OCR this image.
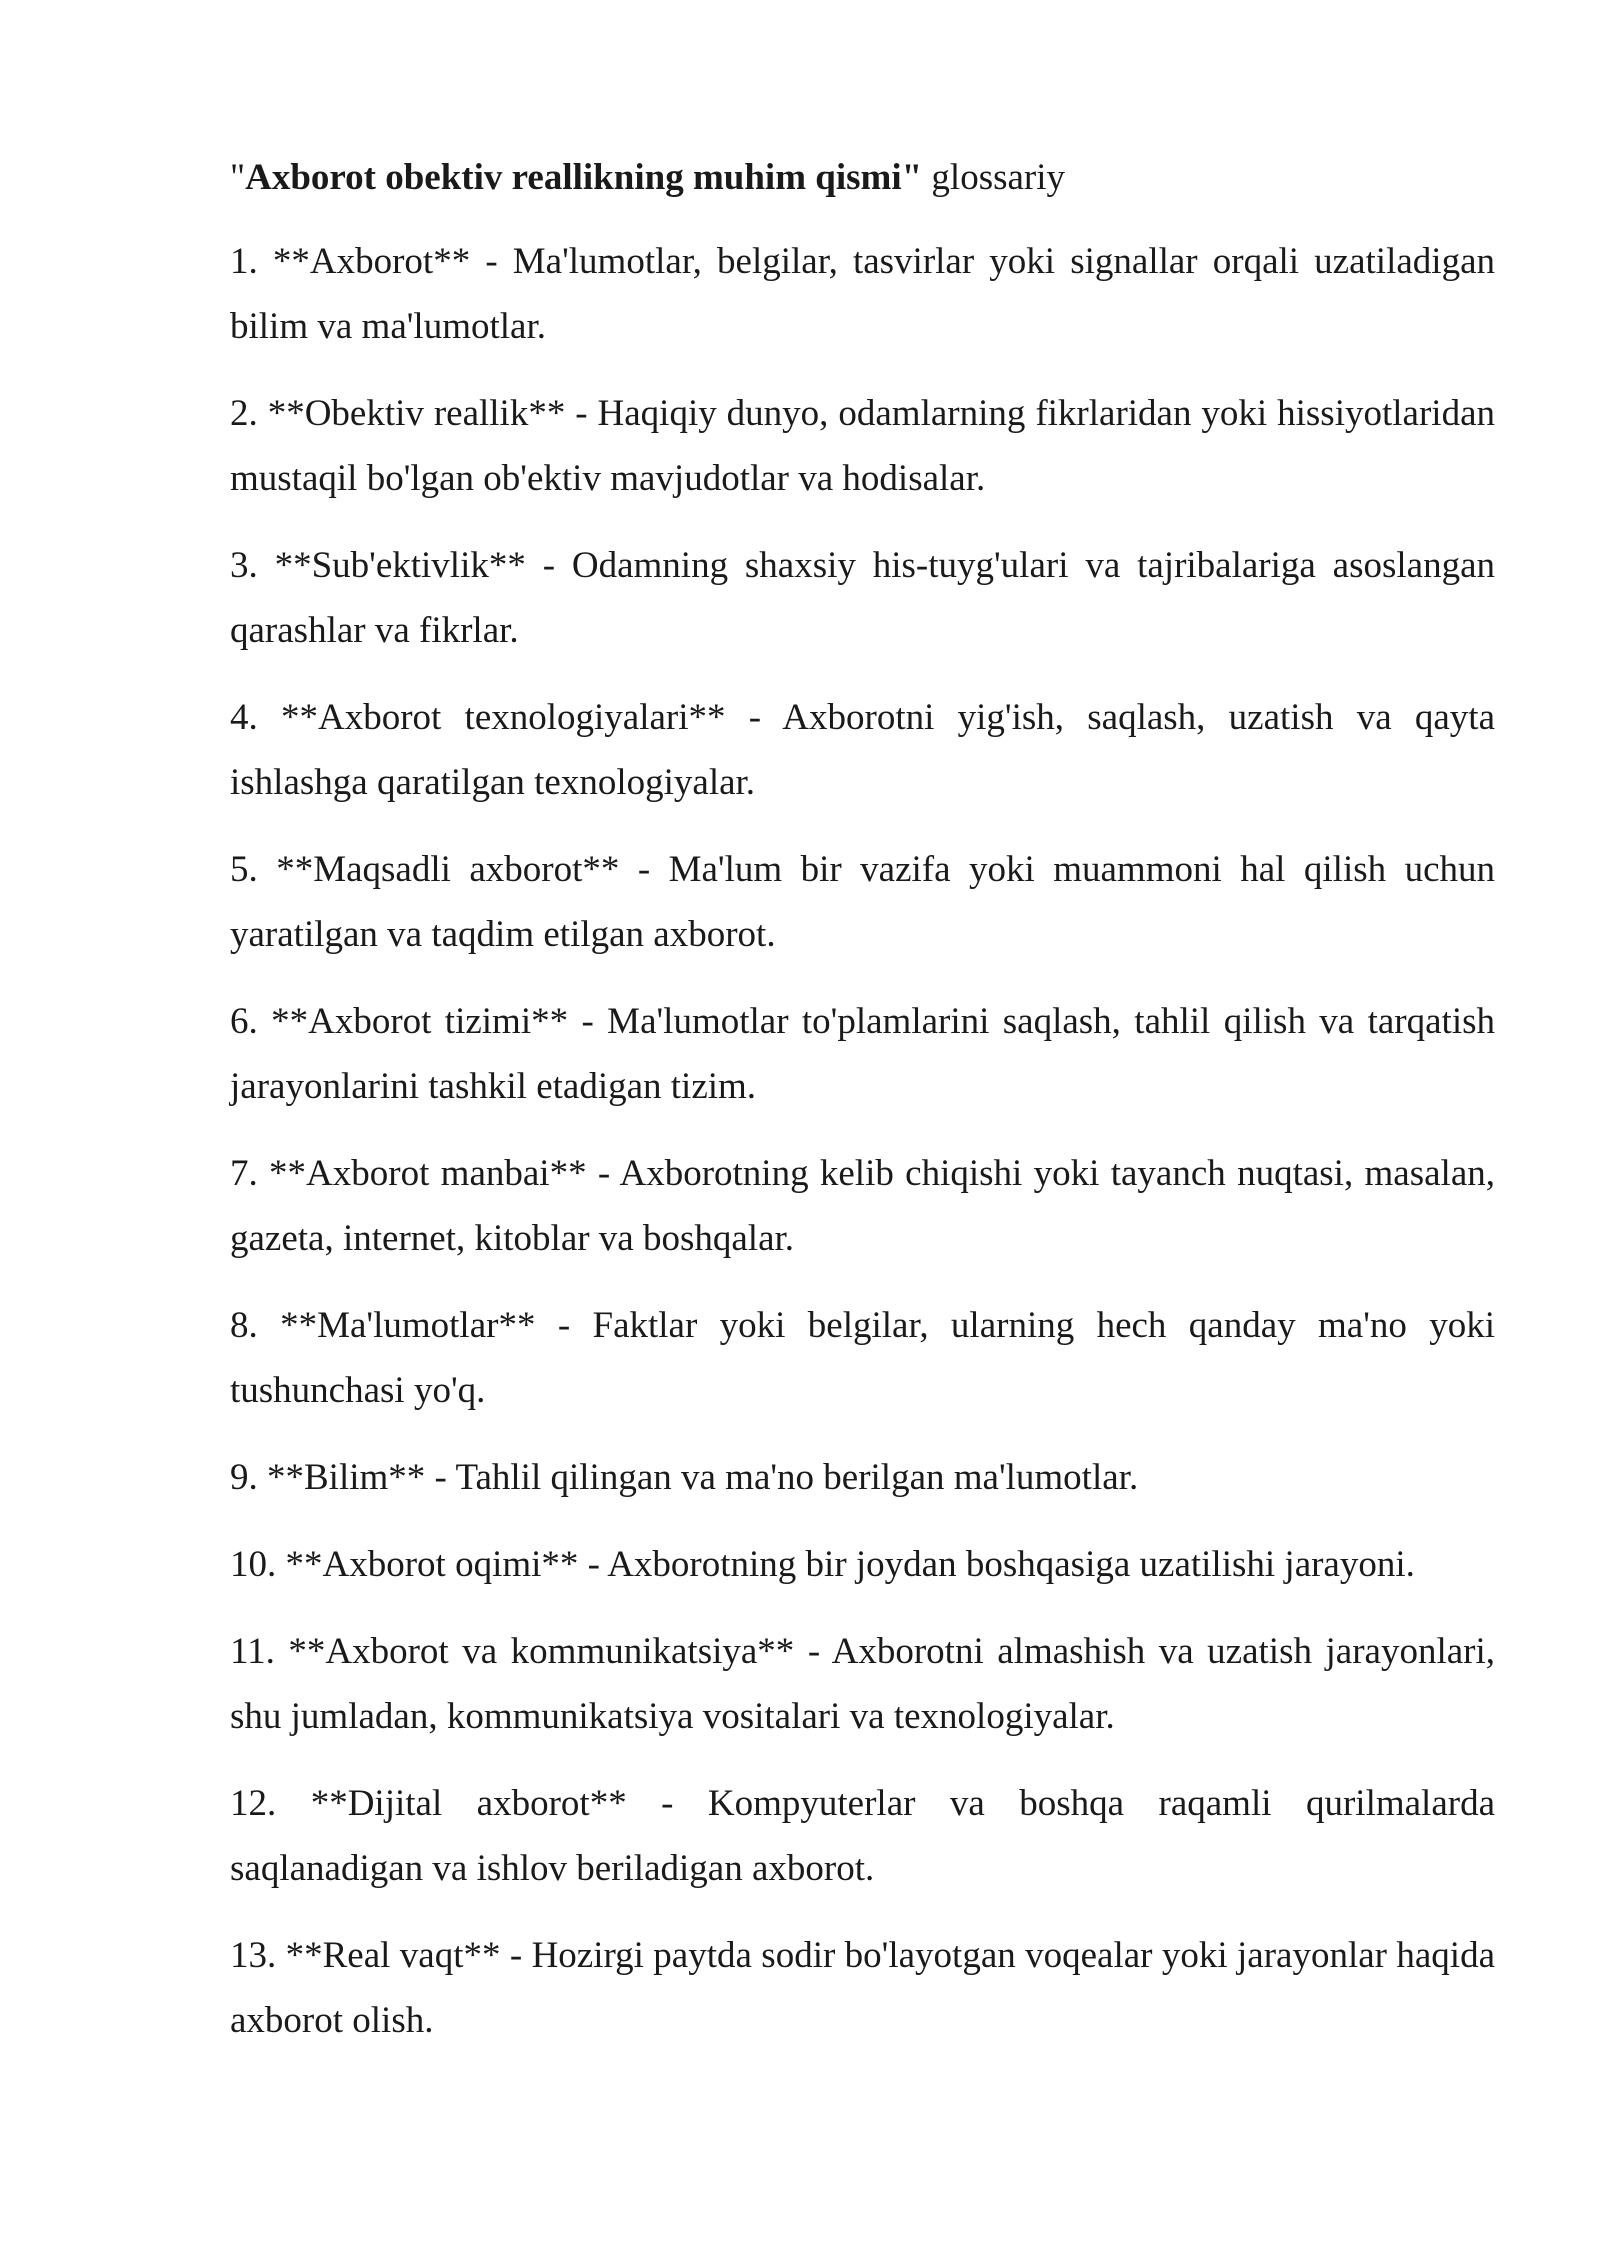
"Axborot obektiv reallikning muhim qismi" glossariy

1. **Axborot** - Ma'lumotlar, belgilar, tasvirlar yoki signallar orqali uzatiladigan bilim va ma'lumotlar.

2. **Obektiv reallik** - Haqiqiy dunyo, odamlarning fikrlaridan yoki hissiyotlaridan mustaqil bo'lgan ob'ektiv mavjudotlar va hodisalar.

3. **Sub'ektivlik** - Odamning shaxsiy his-tuyg'ulari va tajribalariga asoslangan qarashlar va fikrlar.

4. **Axborot texnologiyalari** - Axborotni yig'ish, saqlash, uzatish va qayta ishlashga qaratilgan texnologiyalar.

5. **Maqsadli axborot** - Ma'lum bir vazifa yoki muammoni hal qilish uchun yaratilgan va taqdim etilgan axborot.

6. **Axborot tizimi** - Ma'lumotlar to'plamlarini saqlash, tahlil qilish va tarqatish jarayonlarini tashkil etadigan tizim.

7. **Axborot manbai** - Axborotning kelib chiqishi yoki tayanch nuqtasi, masalan, gazeta, internet, kitoblar va boshqalar.

8. **Ma'lumotlar** - Faktlar yoki belgilar, ularning hech qanday ma'no yoki tushunchasi yo'q.

9. **Bilim** - Tahlil qilingan va ma'no berilgan ma'lumotlar.

10. **Axborot oqimi** - Axborotning bir joydan boshqasiga uzatilishi jarayoni.

11. **Axborot va kommunikatsiya** - Axborotni almashish va uzatish jarayonlari, shu jumladan, kommunikatsiya vositalari va texnologiyalar.

12. **Dijital axborot** - Kompyuterlar va boshqa raqamli qurilmalarda saqlanadigan va ishlov beriladigan axborot.

13. **Real vaqt** - Hozirgi paytda sodir bo'layotgan voqealar yoki jarayonlar haqida axborot olish.
